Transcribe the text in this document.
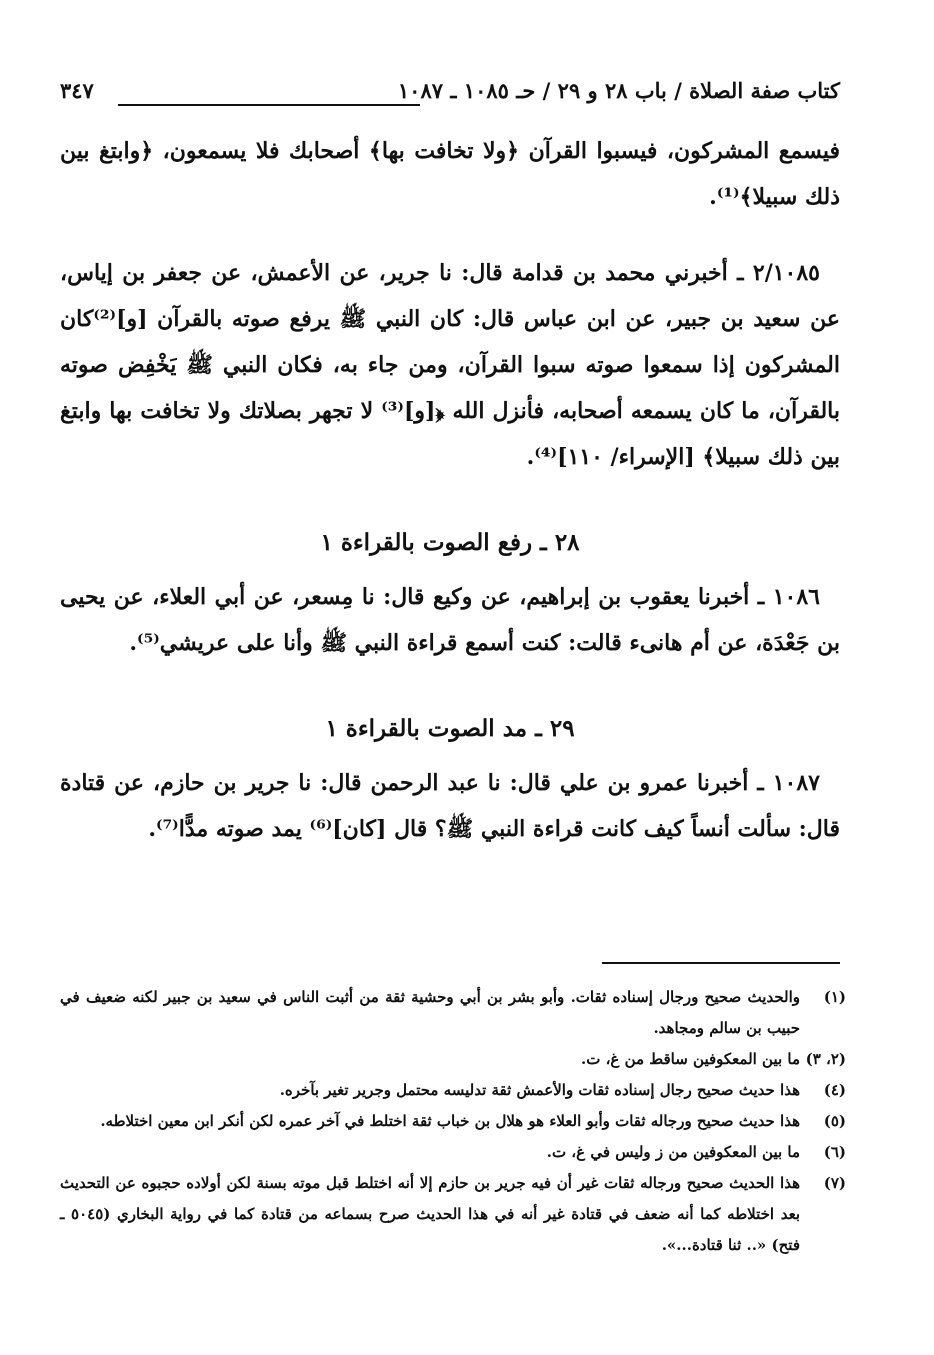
كتاب صفة الصلاة / باب ٢٨ و ٢٩ / حـ ١٠٨٥ ـ ١٠٨٧
٣٤٧

فيسمع المشركون، فيسبوا القرآن ﴿ولا تخافت بها﴾ أصحابك فلا يسمعون، ﴿وابتغ بين ذلك سبيلا﴾⁽¹⁾.

٢/١٠٨٥ ـ أخبرني محمد بن قدامة قال: نا جرير، عن الأعمش، عن جعفر بن إياس، عن سعيد بن جبير، عن ابن عباس قال: كان النبي ﷺ يرفع صوته بالقرآن [و]⁽²⁾كان المشركون إذا سمعوا صوته سبوا القرآن، ومن جاء به، فكان النبي ﷺ يَخْفِض صوته بالقرآن، ما كان يسمعه أصحابه، فأنزل الله ﴿[و]⁽³⁾ لا تجهر بصلاتك ولا تخافت بها وابتغ بين ذلك سبيلا﴾ [الإسراء/ ١١٠]⁽⁴⁾.

٢٨ ـ رفع الصوت بالقراءة ١

١٠٨٦ ـ أخبرنا يعقوب بن إبراهيم، عن وكيع قال: نا مِسعر، عن أبي العلاء، عن يحيى بن جَعْدَة، عن أم هانىء قالت: كنت أسمع قراءة النبي ﷺ وأنا على عريشي⁽⁵⁾.

٢٩ ـ مد الصوت بالقراءة ١

١٠٨٧ ـ أخبرنا عمرو بن علي قال: نا عبد الرحمن قال: نا جرير بن حازم، عن قتادة قال: سألت أنساً كيف كانت قراءة النبي ﷺ؟ قال [كان]⁽⁶⁾ يمد صوته مدًّا⁽⁷⁾.

(١)
والحديث صحيح ورجال إسناده ثقات. وأبو بشر بن أبي وحشية ثقة من أثبت الناس في سعيد بن جبير لكنه ضعيف في حبيب بن سالم ومجاهد.
(٢، ٣)
ما بين المعكوفين ساقط من غ، ت.
(٤)
هذا حديث صحيح رجال إسناده ثقات والأعمش ثقة تدليسه محتمل وجرير تغير بآخره.
(٥)
هذا حديث صحيح ورجاله ثقات وأبو العلاء هو هلال بن خباب ثقة اختلط في آخر عمره لكن أنكر ابن معين اختلاطه.
(٦)
ما بين المعكوفين من ز وليس في غ، ت.
(٧)
هذا الحديث صحيح ورجاله ثقات غير أن فيه جرير بن حازم إلا أنه اختلط قبل موته بسنة لكن أولاده حجبوه عن التحديث بعد اختلاطه كما أنه ضعف في قتادة غير أنه في هذا الحديث صرح بسماعه من قتادة كما في رواية البخاري (٥٠٤٥ ـ فتح) «.. ثنا قتادة...».
